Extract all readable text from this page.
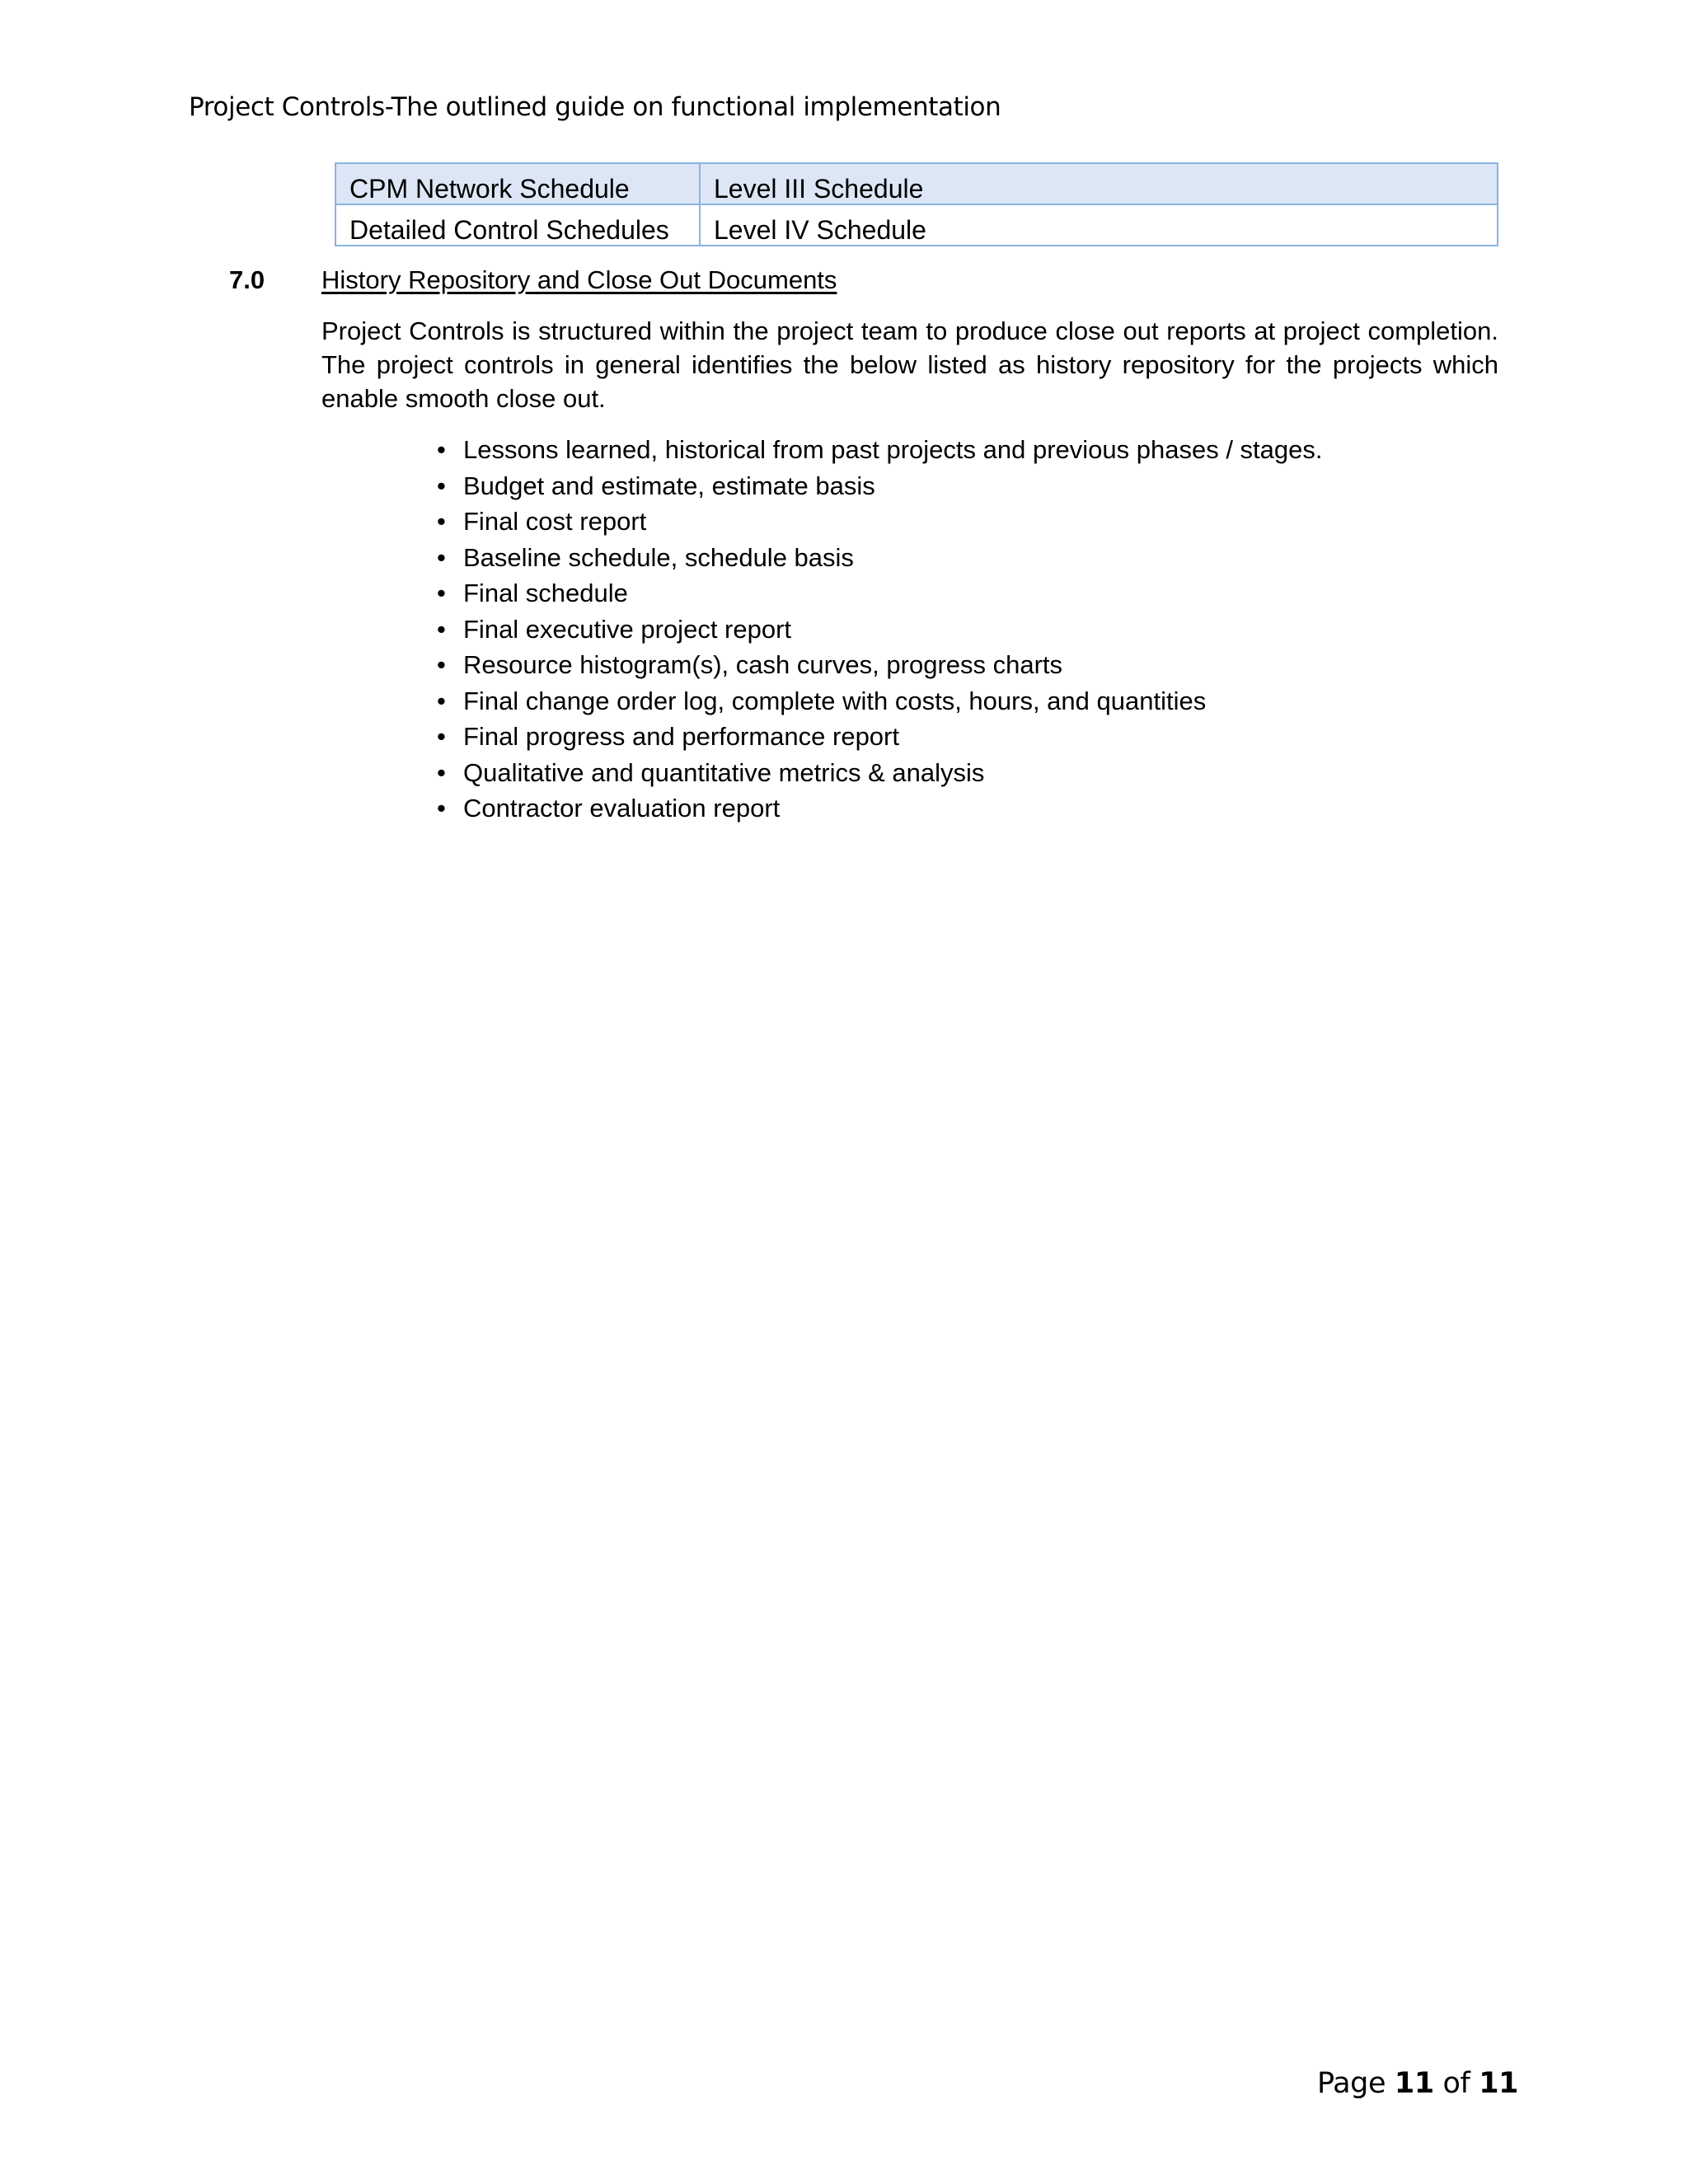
Project Controls-The outlined guide on functional implementation
CPM Network Schedule	Level III Schedule
Detailed Control Schedules	Level IV Schedule
7.0 History Repository and Close Out Documents

Project Controls is structured within the project team to produce close out reports at project completion. The project controls in general identifies the below listed as history repository for the projects which enable smooth close out.

• Lessons learned, historical from past projects and previous phases / stages.
• Budget and estimate, estimate basis
• Final cost report
• Baseline schedule, schedule basis
• Final schedule
• Final executive project report
• Resource histogram(s), cash curves, progress charts
• Final change order log, complete with costs, hours, and quantities
• Final progress and performance report
• Qualitative and quantitative metrics & analysis
• Contractor evaluation report
Page 11 of 11
